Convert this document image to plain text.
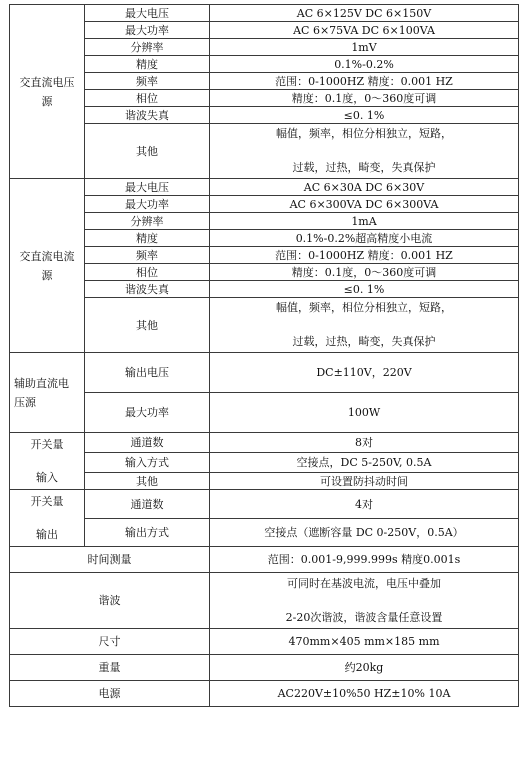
交直流电压源	最大电压	AC 6×125V DC 6×150V
	最大功率	AC 6×75VA DC 6×100VA
	分辨率	1mV
	精度	0.1%-0.2%
	频率	范围：0-1000HZ 精度：0.001 HZ
	相位	精度：0.1度，0～360度可调
	谐波失真	≤0. 1%
	其他	幅值，频率，相位分相独立，短路，
过载，过热，畸变，失真保护

交直流电流源	最大电压	AC 6×30A DC 6×30V
	最大功率	AC 6×300VA DC 6×300VA
	分辨率	1mA
	精度	0.1%-0.2%超高精度小电流
	频率	范围：0-1000HZ 精度：0.001 HZ
	相位	精度：0.1度，0～360度可调
	谐波失真	≤0. 1%
	其他	幅值，频率，相位分相独立，短路，
过载，过热，畸变，失真保护

辅助直流电压源	输出电压	DC±110V，220V
	最大功率	100W

开关量
输入	通道数	8对
	输入方式	空接点，DC 5-250V, 0.5A
	其他	可设置防抖动时间

开关量
输出	通道数	4对
	输出方式	空接点（遮断容量 DC 0-250V，0.5A）
时间测量		范围：0.001-9,999.999s 精度0.001s
谐波		可同时在基波电流，电压中叠加
2-20次谐波，谐波含量任意设置

尺寸		470mm×405 mm×185 mm
重量		约20kg
电源		AC220V±10%50 HZ±10% 10A
